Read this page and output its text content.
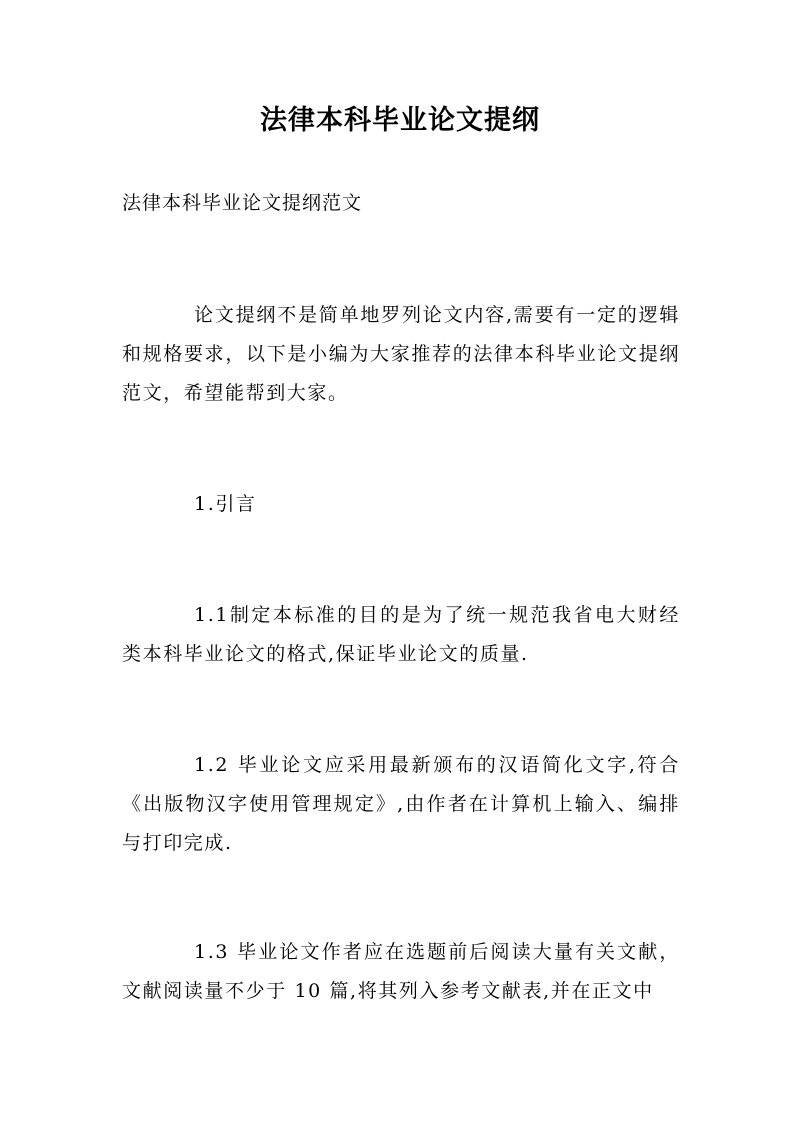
法律本科毕业论文提纲
法律本科毕业论文提纲范文

论文提纲不是简单地罗列论文内容,需要有一定的逻辑和规格要求，以下是小编为大家推荐的法律本科毕业论文提纲范文，希望能帮到大家。

1.引言

1.1制定本标准的目的是为了统一规范我省电大财经类本科毕业论文的格式,保证毕业论文的质量.

1.2 毕业论文应采用最新颁布的汉语简化文字,符合《出版物汉字使用管理规定》,由作者在计算机上输入、编排与打印完成.

1.3 毕业论文作者应在选题前后阅读大量有关文献，文献阅读量不少于 10 篇,将其列入参考文献表,并在正文中
